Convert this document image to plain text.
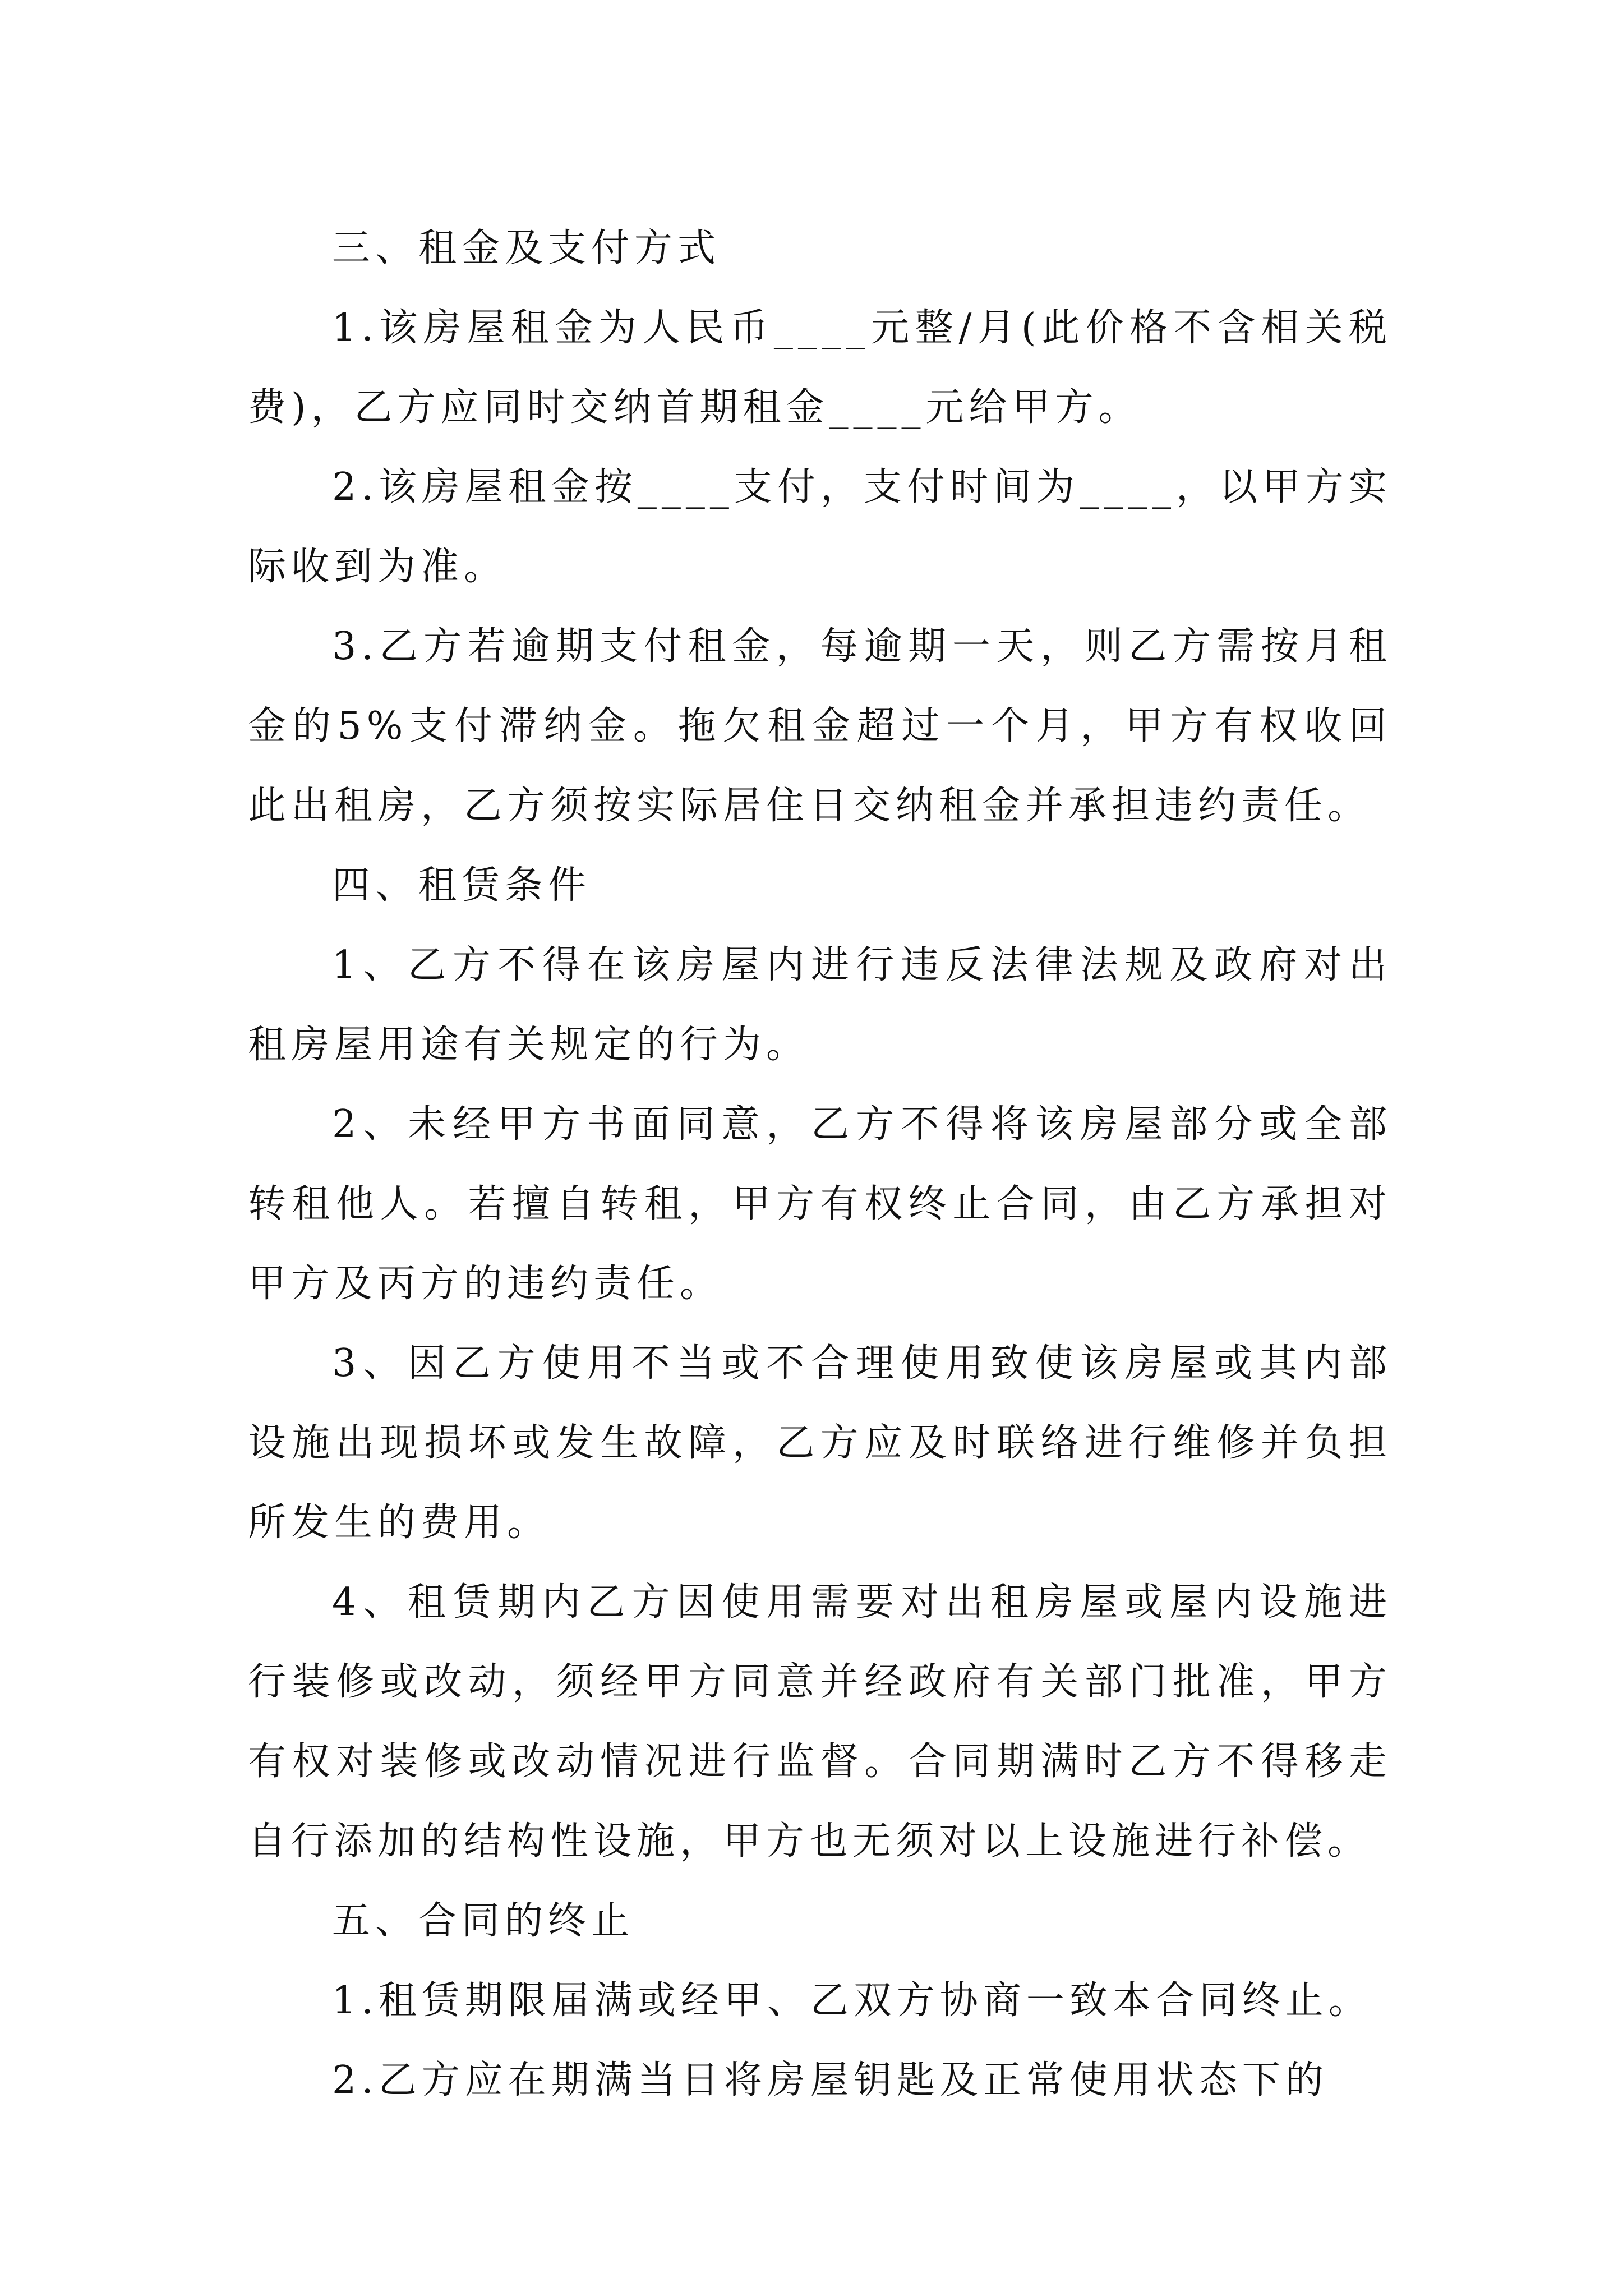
三、租金及支付方式

1.该房屋租金为人民币____元整/月(此价格不含相关税费)，乙方应同时交纳首期租金____元给甲方。

2.该房屋租金按____支付，支付时间为____，以甲方实际收到为准。

3.乙方若逾期支付租金，每逾期一天，则乙方需按月租金的5%支付滞纳金。拖欠租金超过一个月，甲方有权收回此出租房，乙方须按实际居住日交纳租金并承担违约责任。

四、租赁条件

1、乙方不得在该房屋内进行违反法律法规及政府对出租房屋用途有关规定的行为。

2、未经甲方书面同意，乙方不得将该房屋部分或全部转租他人。若擅自转租，甲方有权终止合同，由乙方承担对甲方及丙方的违约责任。

3、因乙方使用不当或不合理使用致使该房屋或其内部设施出现损坏或发生故障，乙方应及时联络进行维修并负担所发生的费用。

4、租赁期内乙方因使用需要对出租房屋或屋内设施进行装修或改动，须经甲方同意并经政府有关部门批准，甲方有权对装修或改动情况进行监督。合同期满时乙方不得移走自行添加的结构性设施，甲方也无须对以上设施进行补偿。

五、合同的终止

1.租赁期限届满或经甲、乙双方协商一致本合同终止。

2.乙方应在期满当日将房屋钥匙及正常使用状态下的
